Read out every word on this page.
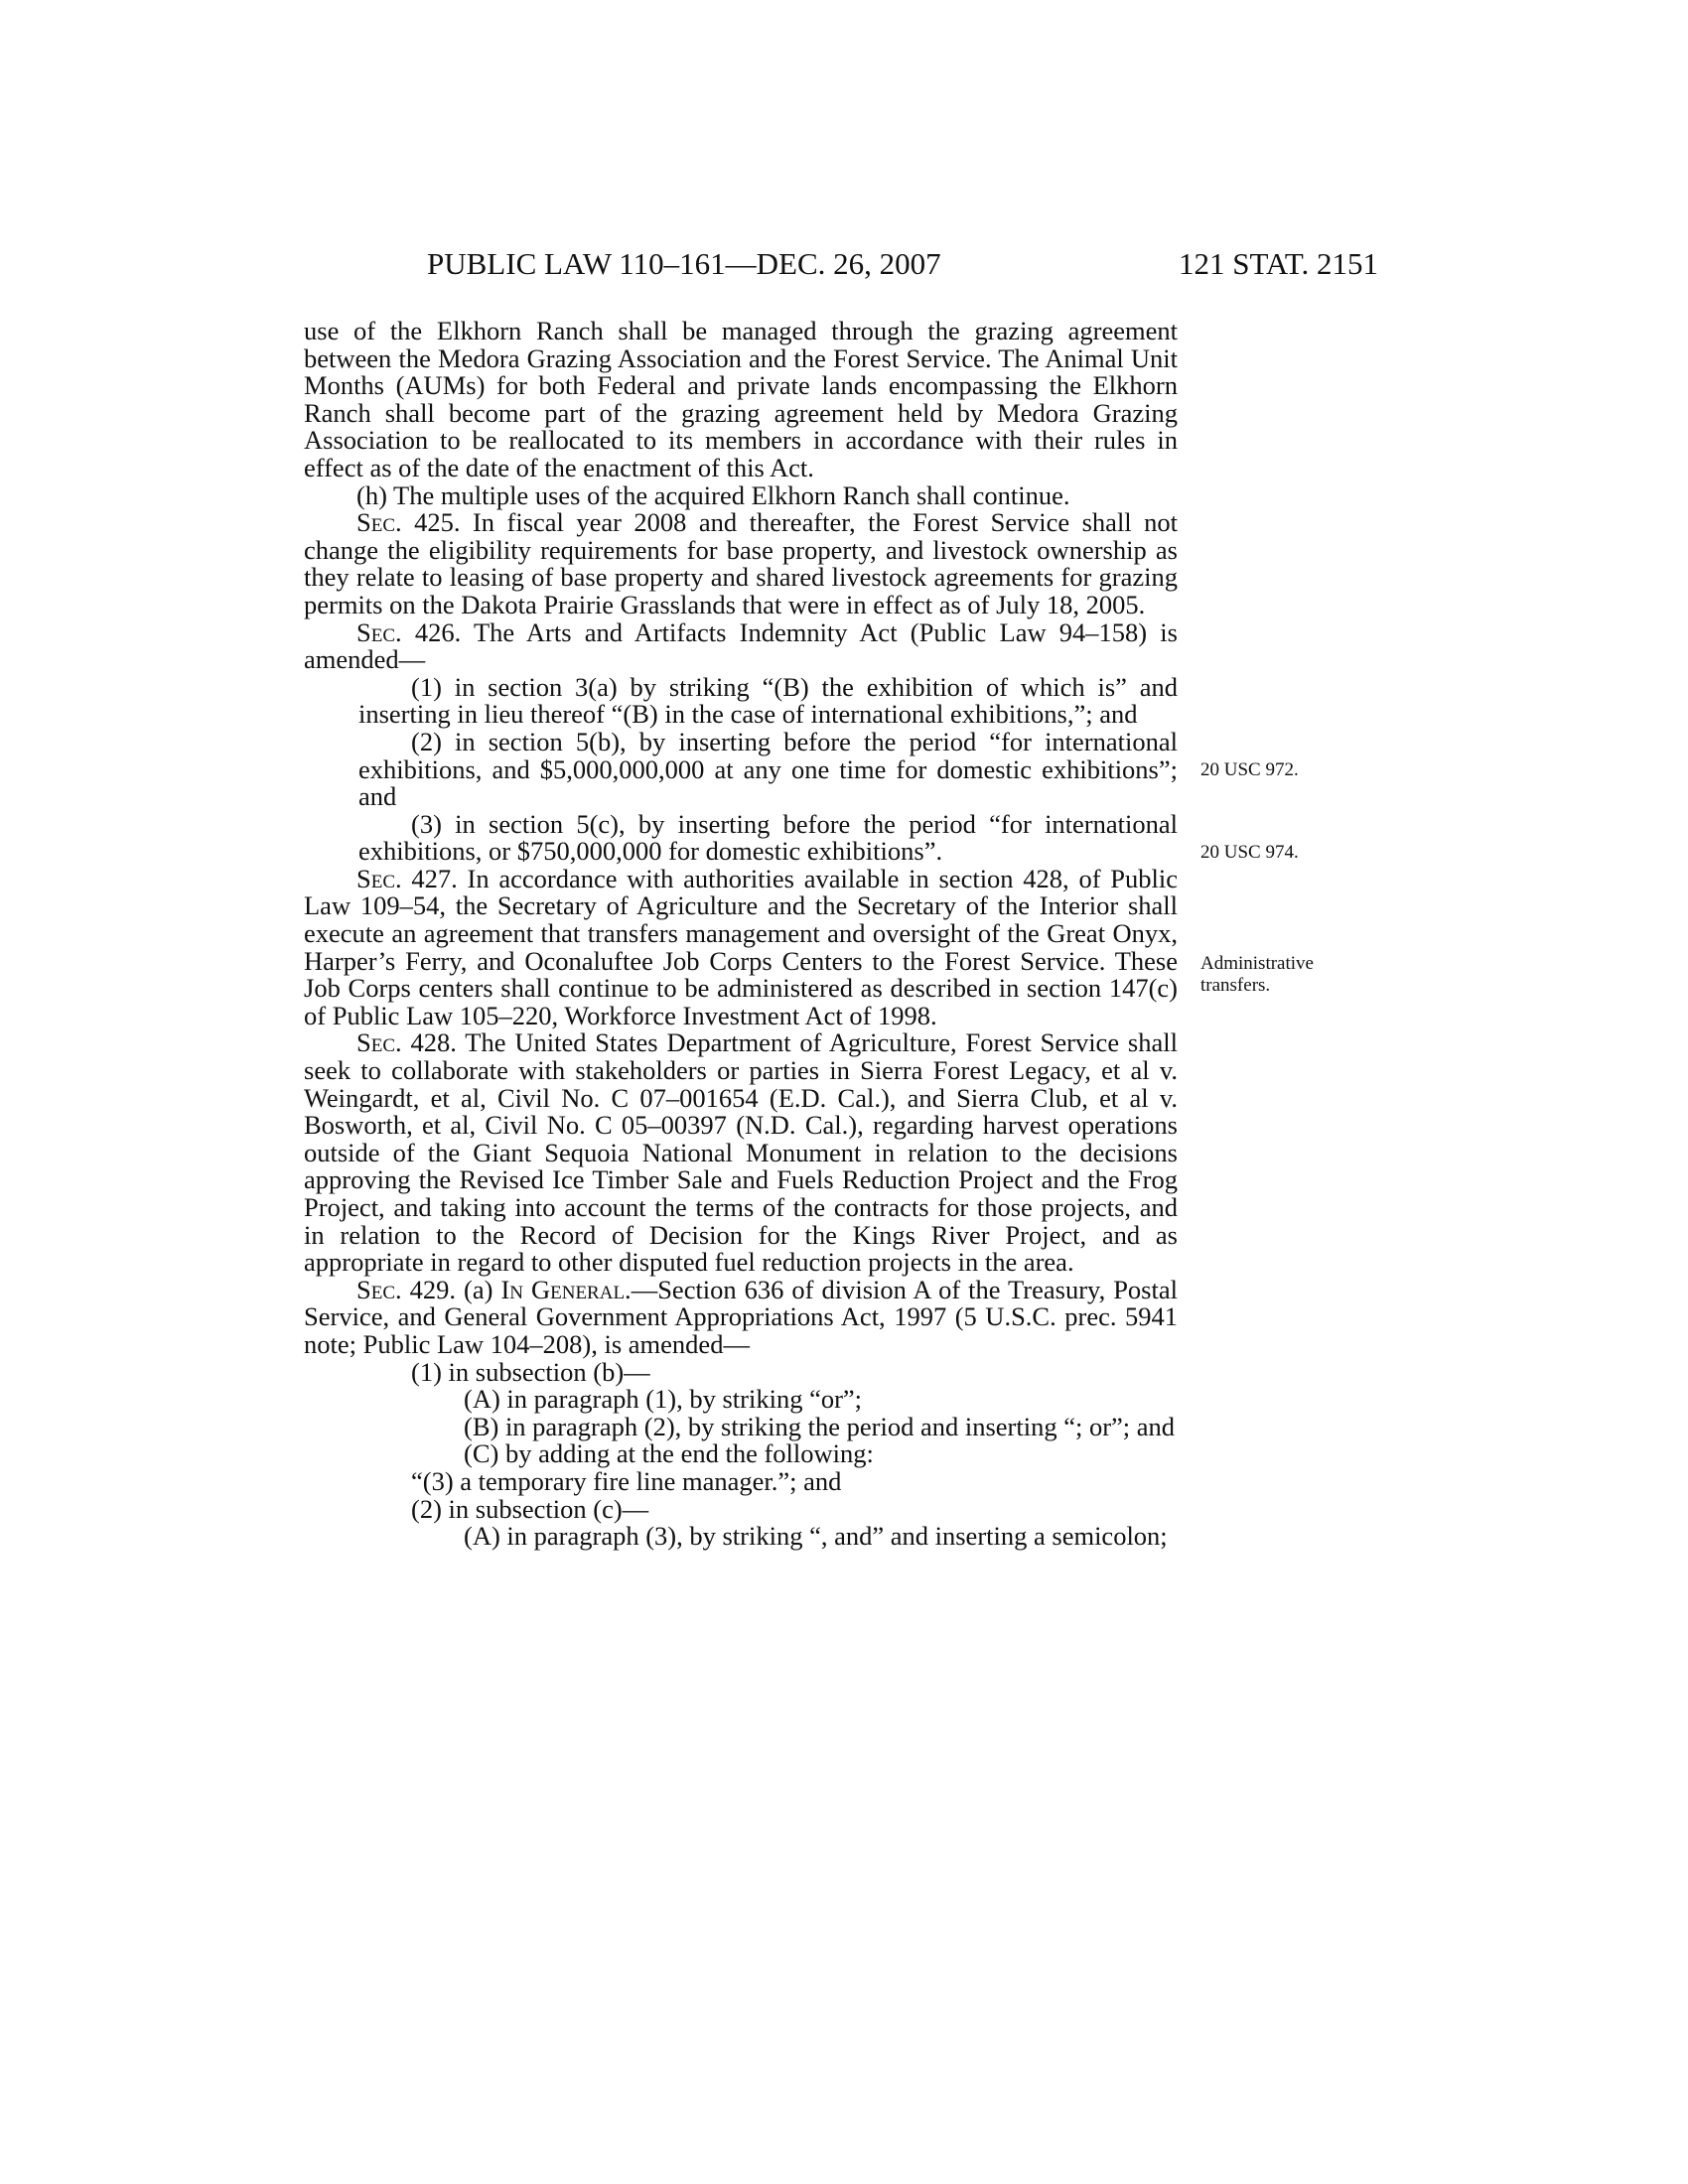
PUBLIC LAW 110–161—DEC. 26, 2007	121 STAT. 2151

use of the Elkhorn Ranch shall be managed through the grazing agreement between the Medora Grazing Association and the Forest Service. The Animal Unit Months (AUMs) for both Federal and private lands encompassing the Elkhorn Ranch shall become part of the grazing agreement held by Medora Grazing Association to be reallocated to its members in accordance with their rules in effect as of the date of the enactment of this Act.

(h) The multiple uses of the acquired Elkhorn Ranch shall continue.

Sec. 425. In fiscal year 2008 and thereafter, the Forest Service shall not change the eligibility requirements for base property, and livestock ownership as they relate to leasing of base property and shared livestock agreements for grazing permits on the Dakota Prairie Grasslands that were in effect as of July 18, 2005.

Sec. 426. The Arts and Artifacts Indemnity Act (Public Law 94–158) is amended—

(1) in section 3(a) by striking “(B) the exhibition of which is” and inserting in lieu thereof “(B) in the case of international exhibitions,”; and

(2) in section 5(b), by inserting before the period “for international exhibitions, and $5,000,000,000 at any one time for domestic exhibitions”; and

(3) in section 5(c), by inserting before the period “for international exhibitions, or $750,000,000 for domestic exhibitions”.

Sec. 427. In accordance with authorities available in section 428, of Public Law 109–54, the Secretary of Agriculture and the Secretary of the Interior shall execute an agreement that transfers management and oversight of the Great Onyx, Harper’s Ferry, and Oconaluftee Job Corps Centers to the Forest Service. These Job Corps centers shall continue to be administered as described in section 147(c) of Public Law 105–220, Workforce Investment Act of 1998.

Sec. 428. The United States Department of Agriculture, Forest Service shall seek to collaborate with stakeholders or parties in Sierra Forest Legacy, et al v. Weingardt, et al, Civil No. C 07–001654 (E.D. Cal.), and Sierra Club, et al v. Bosworth, et al, Civil No. C 05–00397 (N.D. Cal.), regarding harvest operations outside of the Giant Sequoia National Monument in relation to the decisions approving the Revised Ice Timber Sale and Fuels Reduction Project and the Frog Project, and taking into account the terms of the contracts for those projects, and in relation to the Record of Decision for the Kings River Project, and as appropriate in regard to other disputed fuel reduction projects in the area.

Sec. 429. (a) In General.—Section 636 of division A of the Treasury, Postal Service, and General Government Appropriations Act, 1997 (5 U.S.C. prec. 5941 note; Public Law 104–208), is amended—

(1) in subsection (b)—

(A) in paragraph (1), by striking “or”;

(B) in paragraph (2), by striking the period and inserting “; or”; and

(C) by adding at the end the following:

“(3) a temporary fire line manager.”; and

(2) in subsection (c)—

(A) in paragraph (3), by striking “, and” and inserting a semicolon;

20 USC 972.
20 USC 974.
Administrative transfers.
